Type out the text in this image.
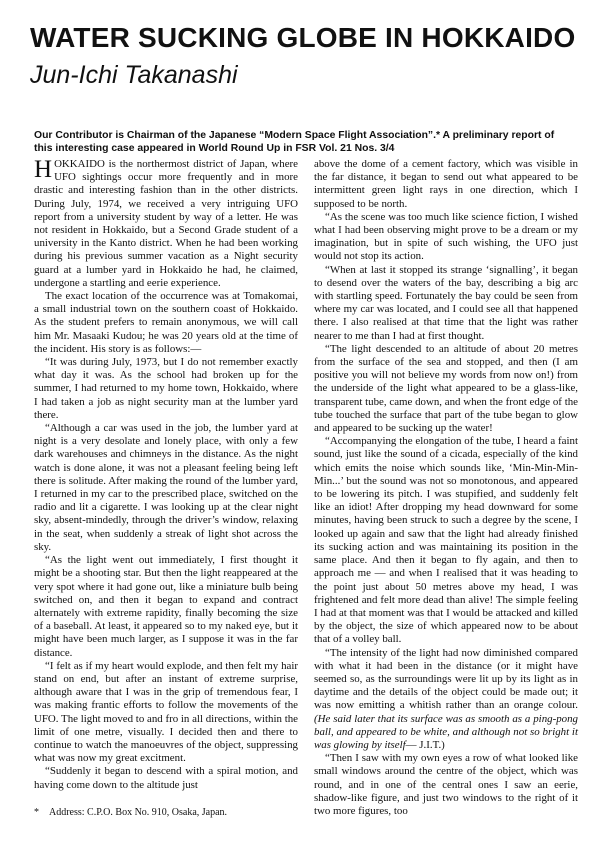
WATER SUCKING GLOBE IN HOKKAIDO
Jun-Ichi Takanashi
Our Contributor is Chairman of the Japanese “Modern Space Flight Association”.* A preliminary report of this interesting case appeared in World Round Up in FSR Vol. 21 Nos. 3/4

HOKKAIDO is the northermost district of Japan, where UFO sightings occur more frequently and in more drastic and interesting fashion than in the other districts. During July, 1974, we received a very intriguing UFO report from a university student by way of a letter. He was not resident in Hokkaido, but a Second Grade student of a university in the Kanto district. When he had been working during his previous summer vacation as a Night security guard at a lumber yard in Hokkaido he had, he claimed, undergone a startling and eerie experience.

The exact location of the occurrence was at Tomakomai, a small industrial town on the southern coast of Hokkaido. As the student prefers to remain anonymous, we will call him Mr. Masaaki Kudou; he was 20 years old at the time of the incident. His story is as follows:—

“It was during July, 1973, but I do not remember exactly what day it was. As the school had broken up for the summer, I had returned to my home town, Hokkaido, where I had taken a job as night security man at the lumber yard there.

“Although a car was used in the job, the lumber yard at night is a very desolate and lonely place, with only a few dark warehouses and chimneys in the distance. As the night watch is done alone, it was not a pleasant feeling being left there is solitude. After making the round of the lumber yard, I returned in my car to the prescribed place, switched on the radio and lit a cigarette. I was looking up at the clear night sky, absent-mindedly, through the driver’s window, relaxing in the seat, when suddenly a streak of light shot across the sky.

“As the light went out immediately, I first thought it might be a shooting star. But then the light reappeared at the very spot where it had gone out, like a miniature bulb being switched on, and then it began to expand and contract alternately with extreme rapidity, finally becoming the size of a baseball. At least, it appeared so to my naked eye, but it might have been much larger, as I suppose it was in the far distance.

“I felt as if my heart would explode, and then felt my hair stand on end, but after an instant of extreme surprise, although aware that I was in the grip of tremendous fear, I was making frantic efforts to follow the movements of the UFO. The light moved to and fro in all directions, within the limit of one metre, visually. I decided then and there to continue to watch the manoeuvres of the object, suppressing what was now my great excitment.

“Suddenly it began to descend with a spiral motion, and having come down to the altitude just

above the dome of a cement factory, which was visible in the far distance, it began to send out what appeared to be intermittent green light rays in one direction, which I supposed to be north.

“As the scene was too much like science fiction, I wished what I had been observing might prove to be a dream or my imagination, but in spite of such wishing, the UFO just would not stop its action.

“When at last it stopped its strange ‘signalling’, it began to desend over the waters of the bay, describing a big arc with startling speed. Fortunately the bay could be seen from where my car was located, and I could see all that happened there. I also realised at that time that the light was rather nearer to me than I had at first thought.

“The light descended to an altitude of about 20 metres from the surface of the sea and stopped, and then (I am positive you will not believe my words from now on!) from the underside of the light what appeared to be a glass-like, transparent tube, came down, and when the front edge of the tube touched the surface that part of the tube began to glow and appeared to be sucking up the water!

“Accompanying the elongation of the tube, I heard a faint sound, just like the sound of a cicada, especially of the kind which emits the noise which sounds like, ‘Min-Min-Min-Min...’ but the sound was not so monotonous, and appeared to be lowering its pitch. I was stupified, and suddenly felt like an idiot! After dropping my head downward for some minutes, having been struck to such a degree by the scene, I looked up again and saw that the light had already finished its sucking action and was maintaining its position in the same place. And then it began to fly again, and then to approach me — and when I realised that it was heading to the point just about 50 metres above my head, I was frightened and felt more dead than alive! The simple feeling I had at that moment was that I would be attacked and killed by the object, the size of which appeared now to be about that of a volley ball.

“The intensity of the light had now diminished compared with what it had been in the distance (or it might have seemed so, as the surroundings were lit up by its light as in daytime and the details of the object could be made out; it was now emitting a whitish rather than an orange colour. (He said later that its surface was as smooth as a ping-pong ball, and appeared to be white, and although not so bright it was glowing by itself— J.I.T.)

“Then I saw with my own eyes a row of what looked like small windows around the centre of the object, which was round, and in one of the central ones I saw an eerie, shadow-like figure, and just two windows to the right of it two more figures, too

* Address: C.P.O. Box No. 910, Osaka, Japan.
